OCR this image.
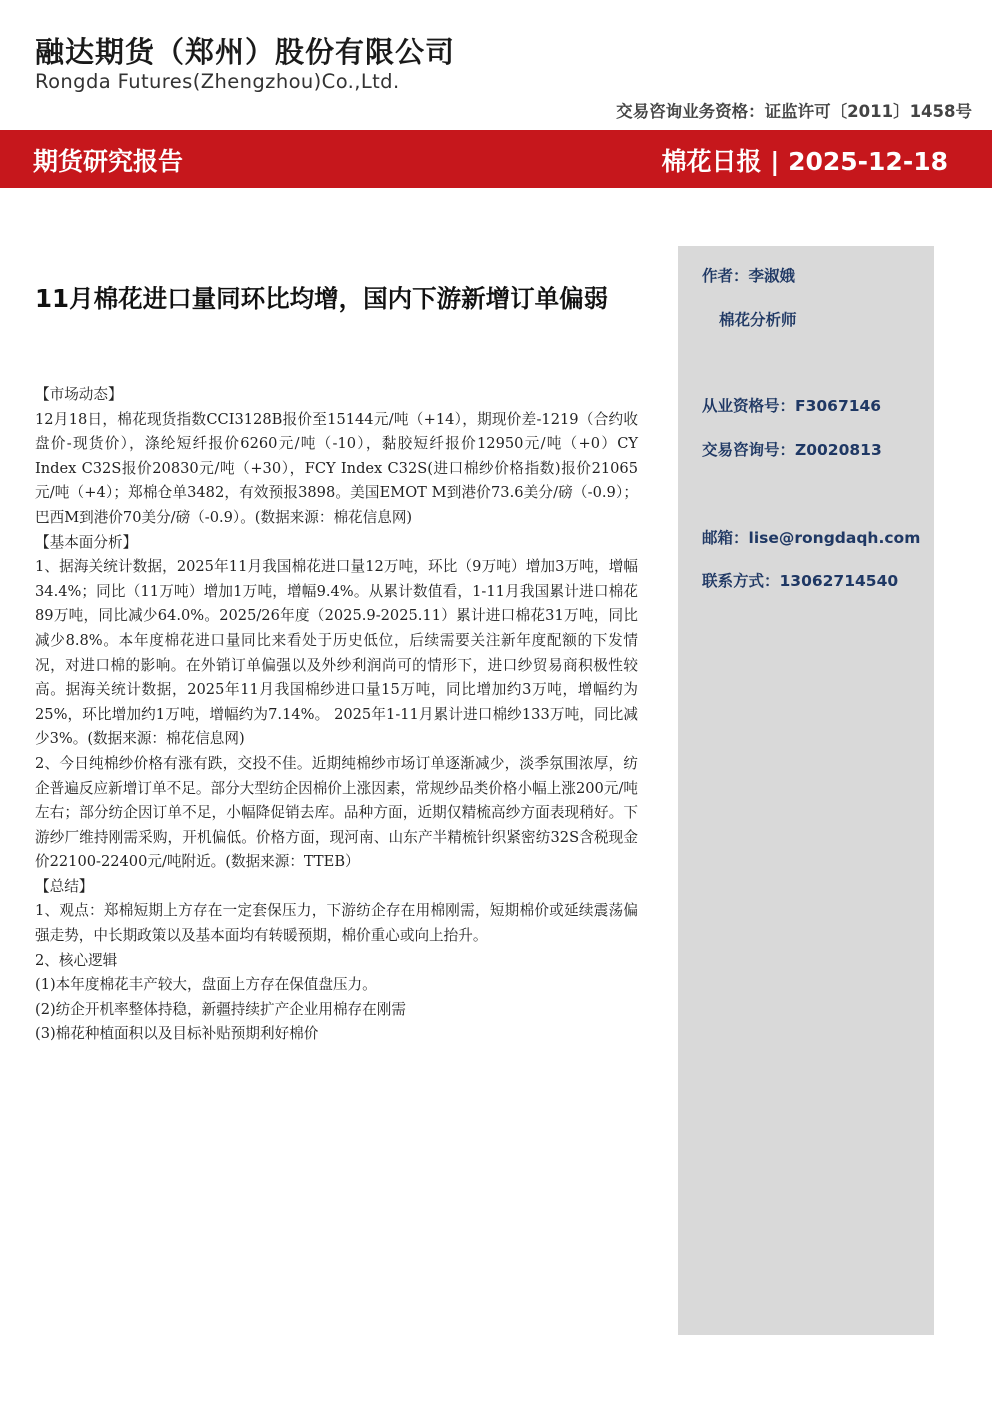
融达期货（郑州）股份有限公司
Rongda Futures(Zhengzhou)Co.,Ltd.
交易咨询业务资格：证监许可〔2011〕1458号
期货研究报告	棉花日报 | 2025-12-18
作者：李淑娥
棉花分析师
从业资格号：F3067146
交易咨询号：Z0020813
邮箱：lise@rongdaqh.com
联系方式：13062714540
11月棉花进口量同环比均增，国内下游新增订单偏弱

【市场动态】

12月18日，棉花现货指数CCI3128B报价至15144元/吨（+14），期现价差-1219（合约收盘价-现货价），涤纶短纤报价6260元/吨（-10），黏胶短纤报价12950元/吨（+0）CY Index C32S报价20830元/吨（+30），FCY Index C32S(进口棉纱价格指数)报价21065元/吨（+4）；郑棉仓单3482，有效预报3898。美国EMOT M到港价73.6美分/磅（-0.9）；巴西M到港价70美分/磅（-0.9）。(数据来源：棉花信息网)

【基本面分析】

1、据海关统计数据，2025年11月我国棉花进口量12万吨，环比（9万吨）增加3万吨，增幅34.4%；同比（11万吨）增加1万吨，增幅9.4%。从累计数值看，1-11月我国累计进口棉花89万吨，同比减少64.0%。2025/26年度（2025.9-2025.11）累计进口棉花31万吨，同比减少8.8%。本年度棉花进口量同比来看处于历史低位，后续需要关注新年度配额的下发情况，对进口棉的影响。在外销订单偏强以及外纱利润尚可的情形下，进口纱贸易商积极性较高。据海关统计数据，2025年11月我国棉纱进口量15万吨，同比增加约3万吨，增幅约为25%，环比增加约1万吨，增幅约为7.14%。 2025年1-11月累计进口棉纱133万吨，同比减少3%。(数据来源：棉花信息网)

2、今日纯棉纱价格有涨有跌，交投不佳。近期纯棉纱市场订单逐渐减少，淡季氛围浓厚，纺企普遍反应新增订单不足。部分大型纺企因棉价上涨因素，常规纱品类价格小幅上涨200元/吨左右；部分纺企因订单不足，小幅降促销去库。品种方面，近期仅精梳高纱方面表现稍好。下游纱厂维持刚需采购，开机偏低。价格方面，现河南、山东产半精梳针织紧密纺32S含税现金价22100-22400元/吨附近。(数据来源：TTEB）

【总结】

1、观点：郑棉短期上方存在一定套保压力，下游纺企存在用棉刚需，短期棉价或延续震荡偏强走势，中长期政策以及基本面均有转暖预期，棉价重心或向上抬升。

2、核心逻辑

(1)本年度棉花丰产较大，盘面上方存在保值盘压力。

(2)纺企开机率整体持稳，新疆持续扩产企业用棉存在刚需

(3)棉花种植面积以及目标补贴预期利好棉价
